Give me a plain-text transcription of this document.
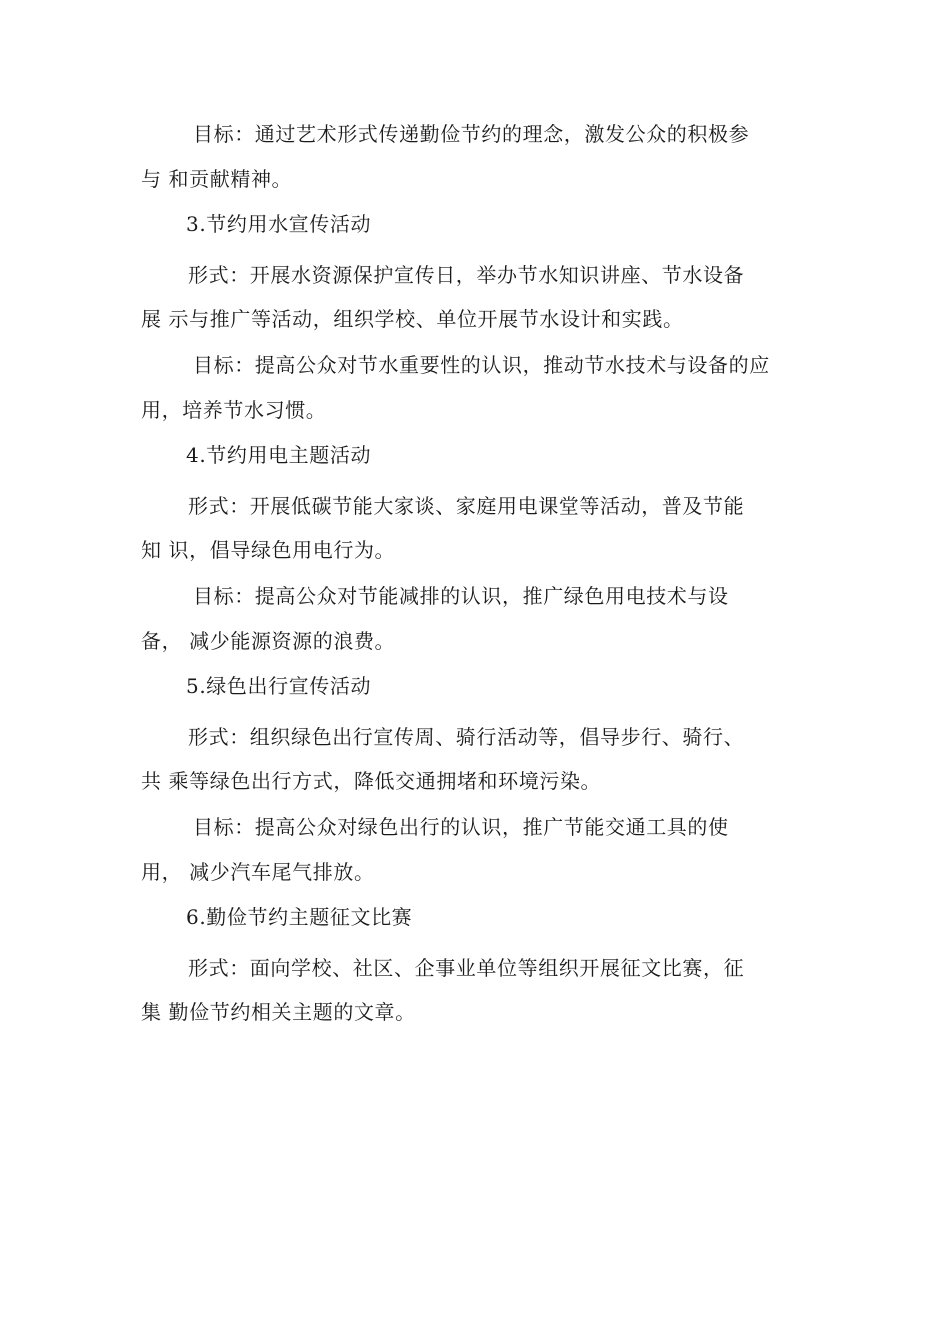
目标：通过艺术形式传递勤俭节约的理念，激发公众的积极参
与 和贡献精神。
3.节约用水宣传活动
形式：开展水资源保护宣传日，举办节水知识讲座、节水设备
展 示与推广等活动，组织学校、单位开展节水设计和实践。
目标：提高公众对节水重要性的认识，推动节水技术与设备的应
用，培养节水习惯。
4.节约用电主题活动
形式：开展低碳节能大家谈、家庭用电课堂等活动，普及节能
知 识，倡导绿色用电行为。
目标：提高公众对节能减排的认识，推广绿色用电技术与设
备， 减少能源资源的浪费。
5.绿色出行宣传活动
形式：组织绿色出行宣传周、骑行活动等，倡导步行、骑行、
共 乘等绿色出行方式，降低交通拥堵和环境污染。
目标：提高公众对绿色出行的认识，推广节能交通工具的使
用， 减少汽车尾气排放。
6.勤俭节约主题征文比赛
形式：面向学校、社区、企事业单位等组织开展征文比赛，征
集 勤俭节约相关主题的文章。
